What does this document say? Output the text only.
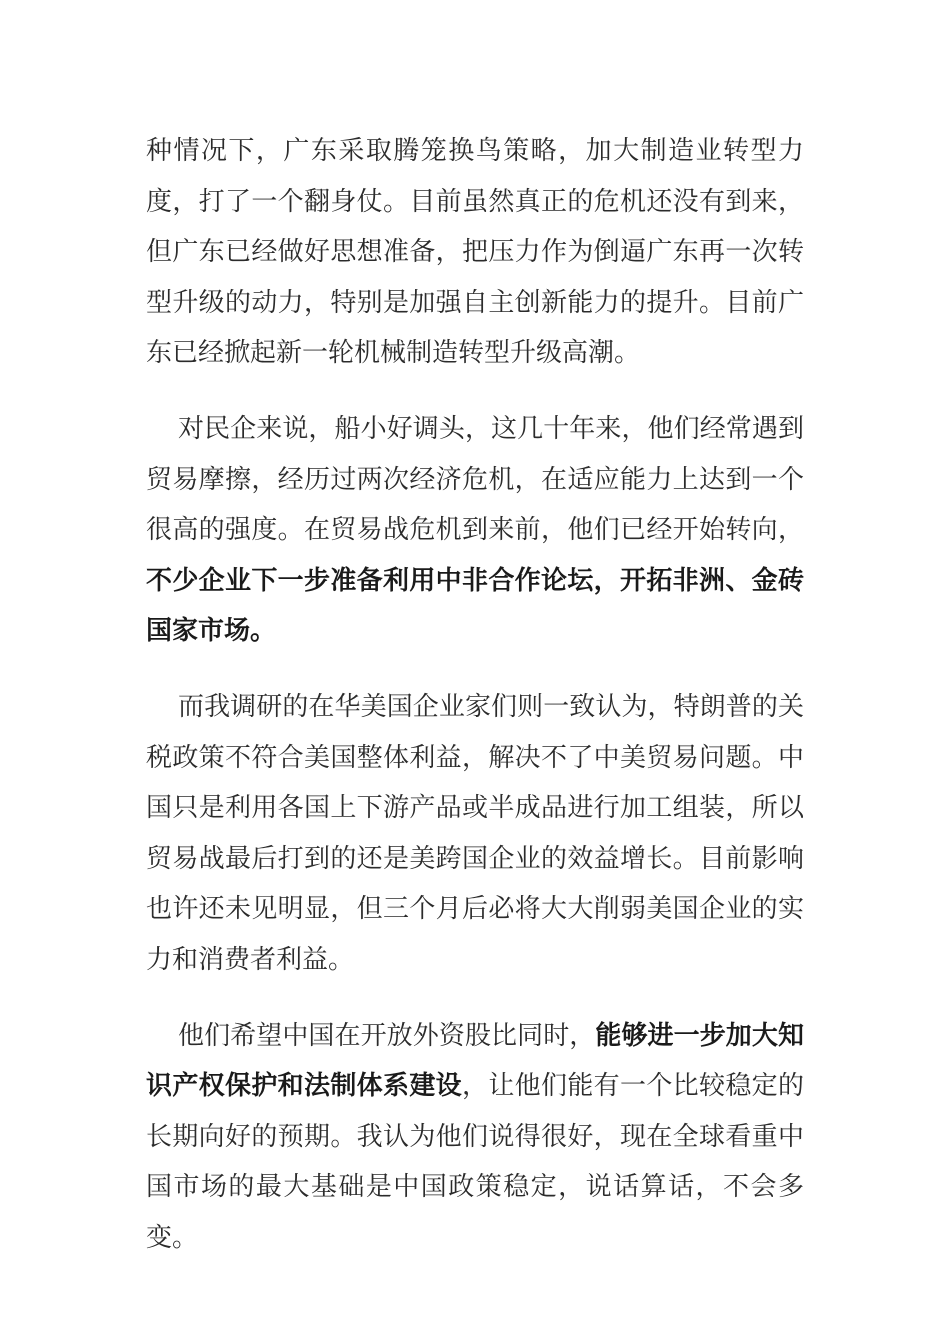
种情况下，广东采取腾笼换鸟策略，加大制造业转型力度，打了一个翻身仗。目前虽然真正的危机还没有到来，但广东已经做好思想准备，把压力作为倒逼广东再一次转型升级的动力，特别是加强自主创新能力的提升。目前广东已经掀起新一轮机械制造转型升级高潮。

对民企来说，船小好调头，这几十年来，他们经常遇到贸易摩擦，经历过两次经济危机，在适应能力上达到一个很高的强度。在贸易战危机到来前，他们已经开始转向，不少企业下一步准备利用中非合作论坛，开拓非洲、金砖国家市场。

而我调研的在华美国企业家们则一致认为，特朗普的关税政策不符合美国整体利益，解决不了中美贸易问题。中国只是利用各国上下游产品或半成品进行加工组装，所以贸易战最后打到的还是美跨国企业的效益增长。目前影响也许还未见明显，但三个月后必将大大削弱美国企业的实力和消费者利益。

他们希望中国在开放外资股比同时，能够进一步加大知识产权保护和法制体系建设，让他们能有一个比较稳定的长期向好的预期。我认为他们说得很好，现在全球看重中国市场的最大基础是中国政策稳定，说话算话，不会多变。
